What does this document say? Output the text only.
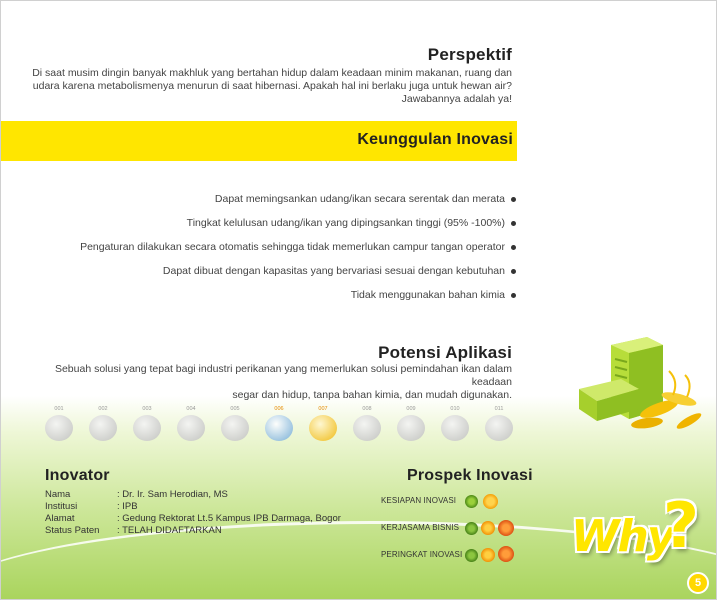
Perspektif
Di saat musim dingin banyak makhluk yang bertahan hidup dalam keadaan minim makanan, ruang dan
udara karena metabolismenya menurun di saat hibernasi. Apakah hal ini berlaku juga untuk hewan air?
Jawabannya adalah ya!
Keunggulan Inovasi
Dapat memingsankan udang/ikan secara serentak dan merata
Tingkat kelulusan udang/ikan yang dipingsankan tinggi (95% -100%)
Pengaturan dilakukan secara otomatis sehingga tidak memerlukan campur tangan operator
Dapat dibuat dengan kapasitas yang bervariasi sesuai dengan kebutuhan
Tidak menggunakan bahan kimia
Potensi Aplikasi
Sebuah solusi yang tepat bagi industri perikanan yang memerlukan solusi pemindahan ikan dalam keadaan
segar dan hidup, tanpa bahan kimia, dan mudah digunakan.
001	002	003	004	005	006	007	008	009	010	011
Inovator
Nama	: Dr. Ir. Sam Herodian, MS
Institusi	: IPB
Alamat	: Gedung Rektorat Lt.5 Kampus IPB Darmaga, Bogor
Status Paten : TELAH DIDAFTARKAN
Prospek Inovasi
KESIAPAN INOVASI
KERJASAMA BISNIS
PERINGKAT INOVASI Why
?
5
